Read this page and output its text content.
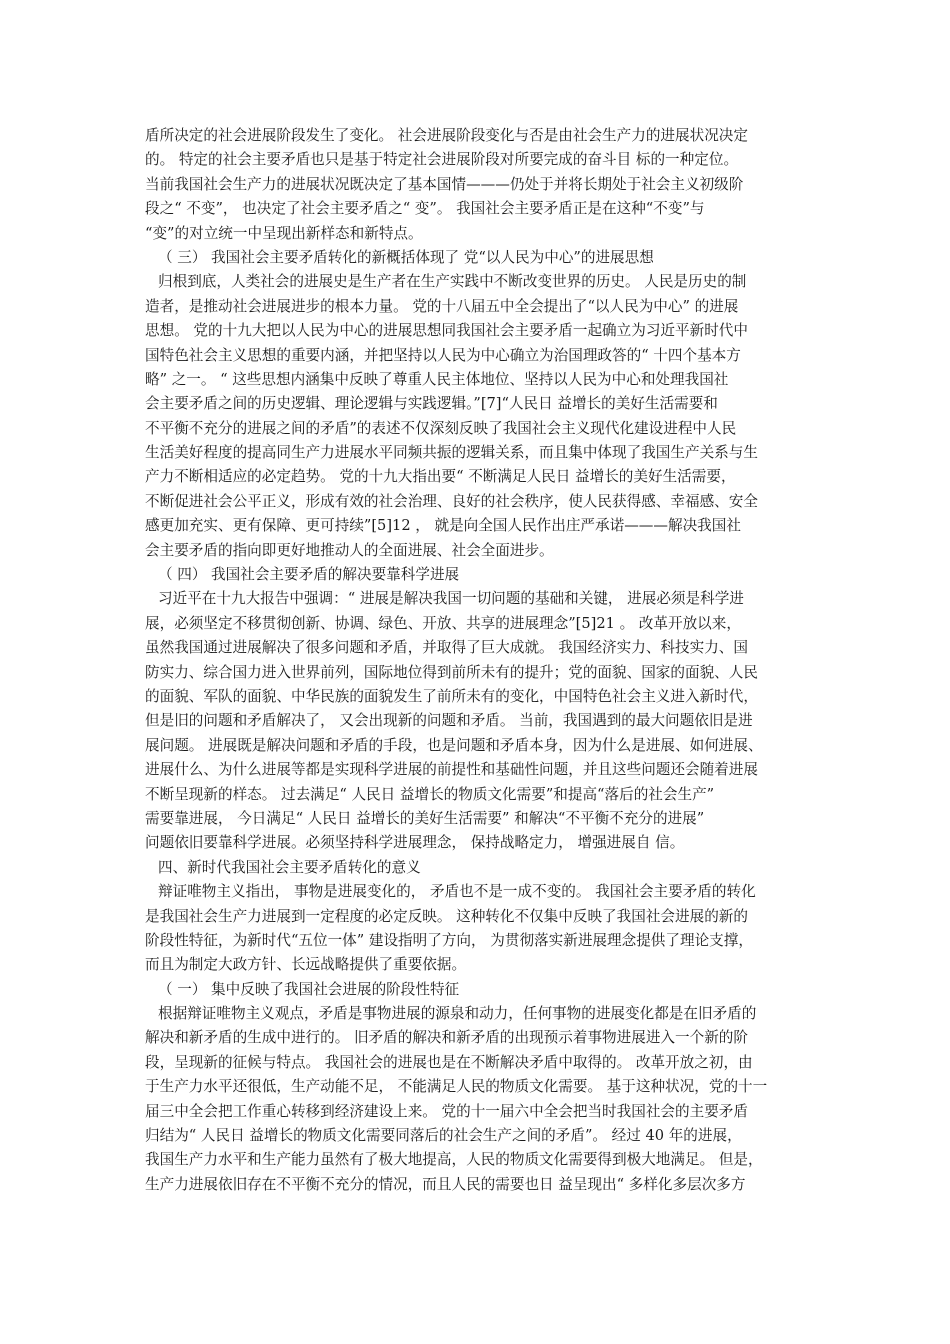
盾所决定的社会进展阶段发生了变化。 社会进展阶段变化与否是由社会生产力的进展状况决定
的。 特定的社会主要矛盾也只是基于特定社会进展阶段对所要完成的奋斗目 标的一种定位。
当前我国社会生产力的进展状况既决定了基本国情———仍处于并将长期处于社会主义初级阶
段之“ 不变”， 也决定了社会主要矛盾之“ 变”。 我国社会主要矛盾正是在这种“不变”与
“变”的对立统一中呈现出新样态和新特点。
（ 三） 我国社会主要矛盾转化的新概括体现了 党“以人民为中心”的进展思想
归根到底，人类社会的进展史是生产者在生产实践中不断改变世界的历史。 人民是历史的制
造者，是推动社会进展进步的根本力量。 党的十八届五中全会提出了“以人民为中心” 的进展
思想。 党的十九大把以人民为中心的进展思想同我国社会主要矛盾一起确立为习近平新时代中
国特色社会主义思想的重要内涵，并把坚持以人民为中心确立为治国理政答的“ 十四个基本方
略” 之一。 “ 这些思想内涵集中反映了尊重人民主体地位、坚持以人民为中心和处理我国社
会主要矛盾之间的历史逻辑、理论逻辑与实践逻辑。”[7]“人民日 益增长的美好生活需要和
不平衡不充分的进展之间的矛盾”的表述不仅深刻反映了我国社会主义现代化建设进程中人民
生活美好程度的提高同生产力进展水平同频共振的逻辑关系，而且集中体现了我国生产关系与生
产力不断相适应的必定趋势。 党的十九大指出要“ 不断满足人民日 益增长的美好生活需要，
不断促进社会公平正义，形成有效的社会治理、良好的社会秩序，使人民获得感、幸福感、安全
感更加充实、更有保障、更可持续”[5]12 ， 就是向全国人民作出庄严承诺———解决我国社
会主要矛盾的指向即更好地推动人的全面进展、社会全面进步。
（ 四） 我国社会主要矛盾的解决要靠科学进展
习近平在十九大报告中强调：“ 进展是解决我国一切问题的基础和关键， 进展必须是科学进
展，必须坚定不移贯彻创新、协调、绿色、开放、共享的进展理念”[5]21 。 改革开放以来，
虽然我国通过进展解决了很多问题和矛盾，并取得了巨大成就。 我国经济实力、科技实力、国
防实力、综合国力进入世界前列，国际地位得到前所未有的提升；党的面貌、国家的面貌、人民
的面貌、军队的面貌、中华民族的面貌发生了前所未有的变化，中国特色社会主义进入新时代，
但是旧的问题和矛盾解决了， 又会出现新的问题和矛盾。 当前，我国遇到的最大问题依旧是进
展问题。 进展既是解决问题和矛盾的手段，也是问题和矛盾本身，因为什么是进展、如何进展、
进展什么、为什么进展等都是实现科学进展的前提性和基础性问题，并且这些问题还会随着进展
不断呈现新的样态。 过去满足“ 人民日 益增长的物质文化需要”和提高“落后的社会生产”
需要靠进展， 今日满足“ 人民日 益增长的美好生活需要” 和解决“不平衡不充分的进展”
问题依旧要靠科学进展。必须坚持科学进展理念， 保持战略定力， 增强进展自 信。
四、新时代我国社会主要矛盾转化的意义
辩证唯物主义指出， 事物是进展变化的， 矛盾也不是一成不变的。 我国社会主要矛盾的转化
是我国社会生产力进展到一定程度的必定反映。 这种转化不仅集中反映了我国社会进展的新的
阶段性特征，为新时代“五位一体” 建设指明了方向， 为贯彻落实新进展理念提供了理论支撑，
而且为制定大政方针、长远战略提供了重要依据。
（ 一） 集中反映了我国社会进展的阶段性特征
根据辩证唯物主义观点，矛盾是事物进展的源泉和动力，任何事物的进展变化都是在旧矛盾的
解决和新矛盾的生成中进行的。 旧矛盾的解决和新矛盾的出现预示着事物进展进入一个新的阶
段，呈现新的征候与特点。 我国社会的进展也是在不断解决矛盾中取得的。 改革开放之初，由
于生产力水平还很低，生产动能不足， 不能满足人民的物质文化需要。 基于这种状况，党的十一
届三中全会把工作重心转移到经济建设上来。 党的十一届六中全会把当时我国社会的主要矛盾
归结为“ 人民日 益增长的物质文化需要同落后的社会生产之间的矛盾”。 经过 40 年的进展，
我国生产力水平和生产能力虽然有了极大地提高，人民的物质文化需要得到极大地满足。 但是，
生产力进展依旧存在不平衡不充分的情况，而且人民的需要也日 益呈现出“ 多样化多层次多方
